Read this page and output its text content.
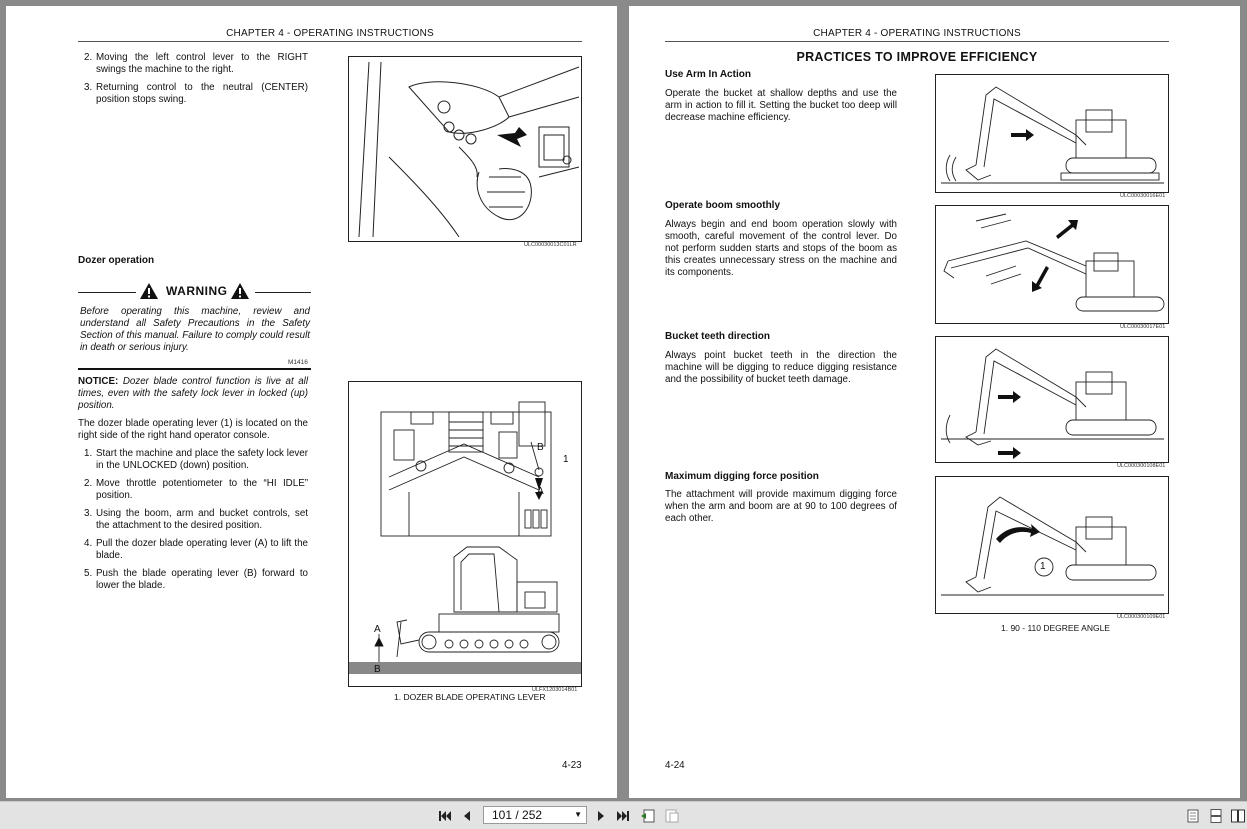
CHAPTER 4 - OPERATING INSTRUCTIONS
2. Moving the left control lever to the RIGHT swings the machine to the right.
3. Returning control to the neutral (CENTER) position stops swing.
ULC00030013C01LR
Dozer operation
WARNING
Before operating this machine, review and understand all Safety Precautions in the Safety Section of this manual. Failure to comply could result in death or serious injury.
M1416
NOTICE: Dozer blade control function is live at all times, even with the safety lock lever in locked (up) position.
The dozer blade operating lever (1) is located on the right side of the right hand operator console.
1. Start the machine and place the safety lock lever in the UNLOCKED (down) position.
2. Move throttle potentiometer to the “HI IDLE” position.
3. Using the boom, arm and bucket controls, set the attachment to the desired position.
4. Pull the dozer blade operating lever (A) to lift the blade.
5. Push the blade operating lever (B) forward to lower the blade.
B
1
A
A
B
ULFX1203014B01
1. DOZER BLADE OPERATING LEVER
4-23
CHAPTER 4 - OPERATING INSTRUCTIONS
PRACTICES TO IMPROVE EFFICIENCY
Use Arm In Action
Operate the bucket at shallow depths and use the arm in action to fill it. Setting the bucket too deep will decrease machine efficiency.
ULC00030016E01
Operate boom smoothly
Always begin and end boom operation slowly with smooth, careful movement of the control lever. Do not perform sudden starts and stops of the boom as this creates unnecessary stress on the machine and its components.
ULC00030017E01
Bucket teeth direction
Always point bucket teeth in the direction the machine will be digging to reduce digging resistance and the possibility of bucket teeth damage.
ULC000300108E01
Maximum digging force position
The attachment will provide maximum digging force when the arm and boom are at 90 to 100 degrees of each other.
1
ULC000300109E01
1. 90 - 110 DEGREE ANGLE
4-24
101 / 252	▼
